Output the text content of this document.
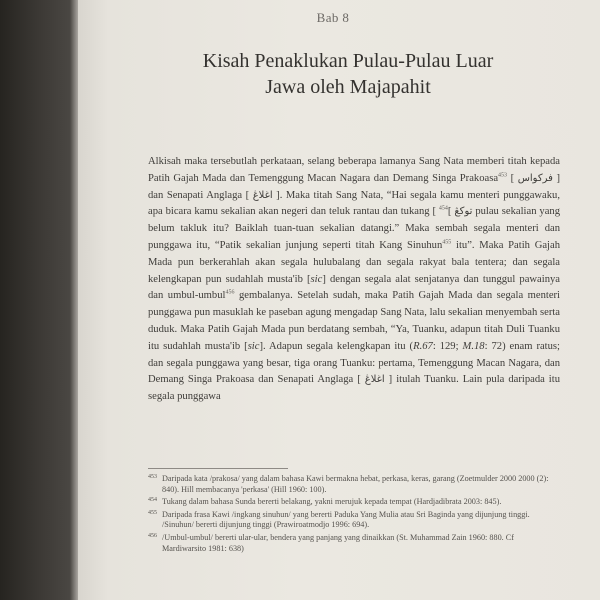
Bab 8
Kisah Penaklukan Pulau-Pulau Luar
Jawa oleh Majapahit

Alkisah maka tersebutlah perkataan, selang beberapa lamanya Sang Nata memberi titah kepada Patih Gajah Mada dan Temenggung Macan Nagara dan Demang Singa Prakoasa$^{453}$ [ فركواس ] dan Senapati Anglaga [ اغلاڠ ]. Maka titah Sang Nata, “Hai segala kamu menteri punggawaku, apa bicara kamu sekalian akan negeri dan teluk rantau dan tukang [ توكڠ ]$^{454}$ pulau sekalian yang belum takluk itu? Baiklah tuan-tuan sekalian datangi.” Maka sembah segala menteri dan punggawa itu, “Patik sekalian junjung seperti titah Kang Sinuhun$^{455}$ itu”. Maka Patih Gajah Mada pun berkerahlah akan segala hulubalang dan segala rakyat bala tentera; dan segala kelengkapan pun sudahlah musta'ib [sic] dengan segala alat senjatanya dan tunggul pawainya dan umbul-umbul$^{456}$ gembalanya. Setelah sudah, maka Patih Gajah Mada dan segala menteri punggawa pun masuklah ke paseban agung mengadap Sang Nata, lalu sekalian menyembah serta duduk. Maka Patih Gajah Mada pun berdatang sembah, “Ya, Tuanku, adapun titah Duli Tuanku itu sudahlah musta'ib [sic]. Adapun segala kelengkapan itu (R.67: 129; M.18: 72) enam ratus; dan segala punggawa yang besar, tiga orang Tuanku: pertama, Temenggung Macan Nagara, dan Demang Singa Prakoasa dan Senapati Anglaga [ اغلاڠ ] itulah Tuanku. Lain pula daripada itu segala punggawa

453 Daripada kata /prakosa/ yang dalam bahasa Kawi bermakna hebat, perkasa, keras, garang (Zoetmulder 2000 2000 (2): 840). Hill membacanya 'perkasa' (Hill 1960: 100).
454 Tukang dalam bahasa Sunda bererti belakang, yakni merujuk kepada tempat (Hardjadibrata 2003: 845).
455 Daripada frasa Kawi /ingkang sinuhun/ yang bererti Paduka Yang Mulia atau Sri Baginda yang dijunjung tinggi. /Sinuhun/ bererti dijunjung tinggi (Prawiroatmodjo 1996: 694).
456 /Umbul-umbul/ bererti ular-ular, bendera yang panjang yang dinaikkan (St. Muhammad Zain 1960: 880. Cf Mardiwarsito 1981: 638)
